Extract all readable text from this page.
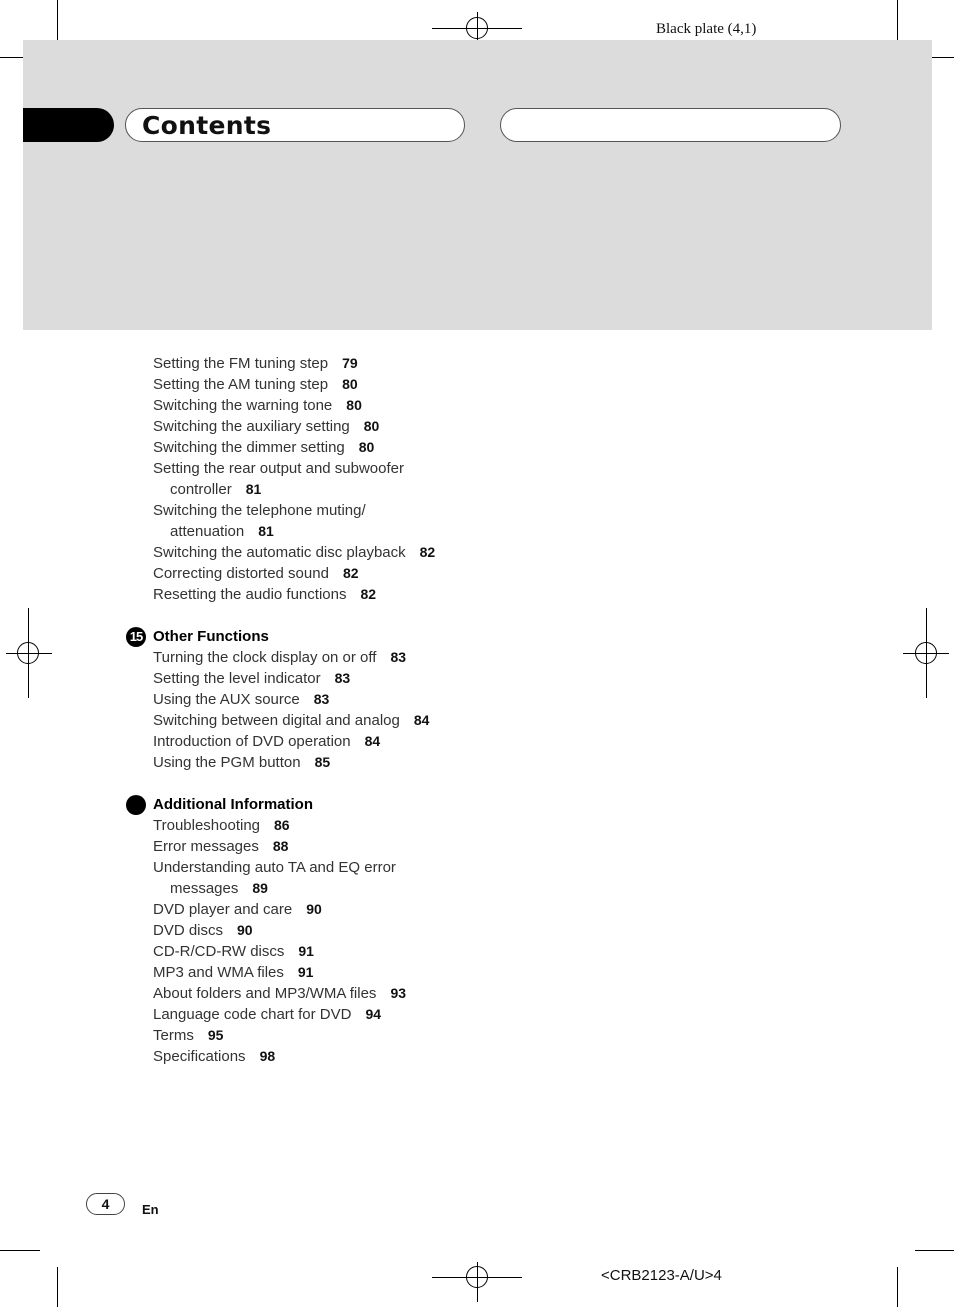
Black plate (4,1)
Contents
Setting the FM tuning step 79
Setting the AM tuning step 80
Switching the warning tone 80
Switching the auxiliary setting 80
Switching the dimmer setting 80
Setting the rear output and subwoofer
controller 81
Switching the telephone muting/
attenuation 81
Switching the automatic disc playback 82
Correcting distorted sound 82
Resetting the audio functions 82
15 Other Functions
Turning the clock display on or off 83
Setting the level indicator 83
Using the AUX source 83
Switching between digital and analog 84
Introduction of DVD operation 84
Using the PGM button 85
Additional Information
Troubleshooting 86
Error messages 88
Understanding auto TA and EQ error
messages 89
DVD player and care 90
DVD discs 90
CD-R/CD-RW discs 91
MP3 and WMA files 91
About folders and MP3/WMA files 93
Language code chart for DVD 94
Terms 95
Specifications 98
4	En
<CRB2123-A/U>4
